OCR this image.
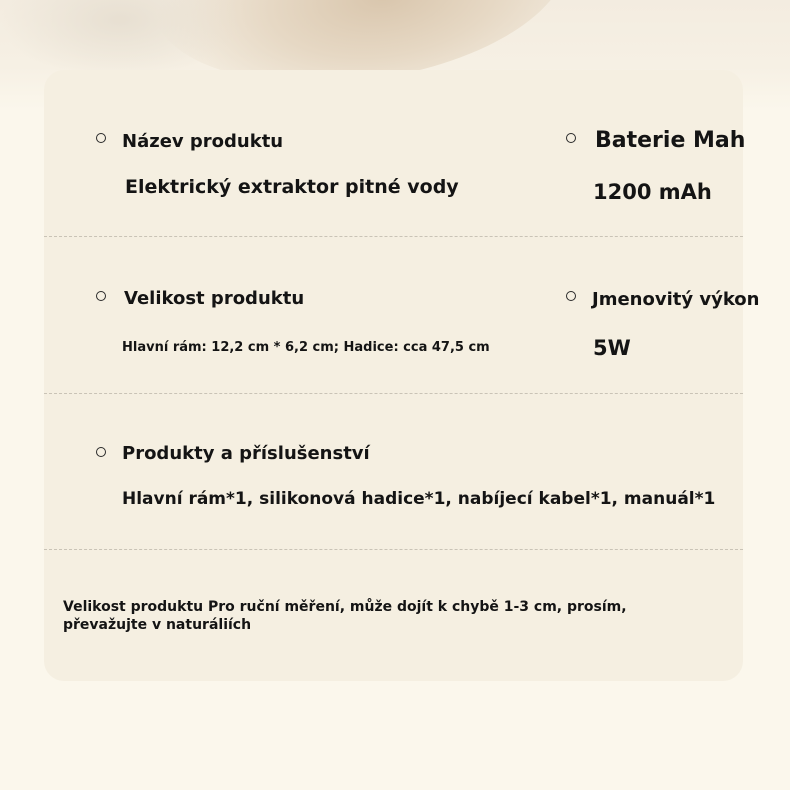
Název produktu
Elektrický extraktor pitné vody
Baterie Mah
1200 mAh
Velikost produktu
Hlavní rám: 12,2 cm * 6,2 cm; Hadice: cca 47,5 cm
Jmenovitý výkon
5W
Produkty a příslušenství
Hlavní rám*1, silikonová hadice*1, nabíjecí kabel*1, manuál*1
Velikost produktu Pro ruční měření, může dojít k chybě 1-3 cm, prosím, převažujte v naturáliích
